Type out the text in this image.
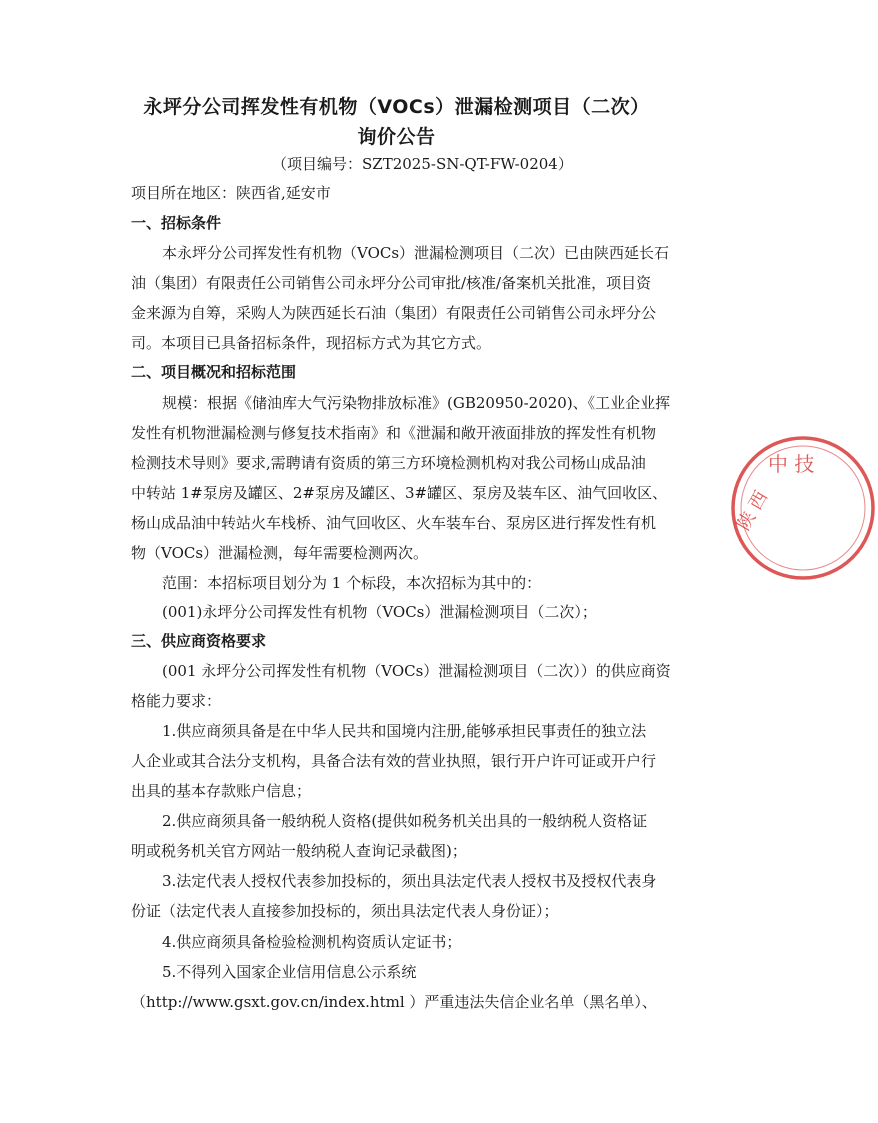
永坪分公司挥发性有机物（VOCs）泄漏检测项目（二次）
询价公告
（项目编号：SZT2025-SN-QT-FW-0204）
项目所在地区：陕西省,延安市
一、招标条件
本永坪分公司挥发性有机物（VOCs）泄漏检测项目（二次）已由陕西延长石
油（集团）有限责任公司销售公司永坪分公司审批/核准/备案机关批准，项目资
金来源为自筹，采购人为陕西延长石油（集团）有限责任公司销售公司永坪分公
司。本项目已具备招标条件，现招标方式为其它方式。
二、项目概况和招标范围
规模：根据《储油库大气污染物排放标准》(GB20950-2020)、《工业企业挥
发性有机物泄漏检测与修复技术指南》和《泄漏和敞开液面排放的挥发性有机物
检测技术导则》要求,需聘请有资质的第三方环境检测机构对我公司杨山成品油
中转站 1#泵房及罐区、2#泵房及罐区、3#罐区、泵房及装车区、油气回收区、
杨山成品油中转站火车栈桥、油气回收区、火车装车台、泵房区进行挥发性有机
物（VOCs）泄漏检测，每年需要检测两次。
范围：本招标项目划分为 1 个标段，本次招标为其中的：
(001)永坪分公司挥发性有机物（VOCs）泄漏检测项目（二次）；
三、供应商资格要求
(001 永坪分公司挥发性有机物（VOCs）泄漏检测项目（二次））的供应商资
格能力要求：
1.供应商须具备是在中华人民共和国境内注册,能够承担民事责任的独立法
人企业或其合法分支机构，具备合法有效的营业执照，银行开户许可证或开户行
出具的基本存款账户信息；
2.供应商须具备一般纳税人资格(提供如税务机关出具的一般纳税人资格证
明或税务机关官方网站一般纳税人查询记录截图)；
3.法定代表人授权代表参加投标的，须出具法定代表人授权书及授权代表身
份证（法定代表人直接参加投标的，须出具法定代表人身份证）；
4.供应商须具备检验检测机构资质认定证书；
5.不得列入国家企业信用信息公示系统
（http://www.gsxt.gov.cn/index.html ）严重违法失信企业名单（黑名单）、
中 技
陕 西
